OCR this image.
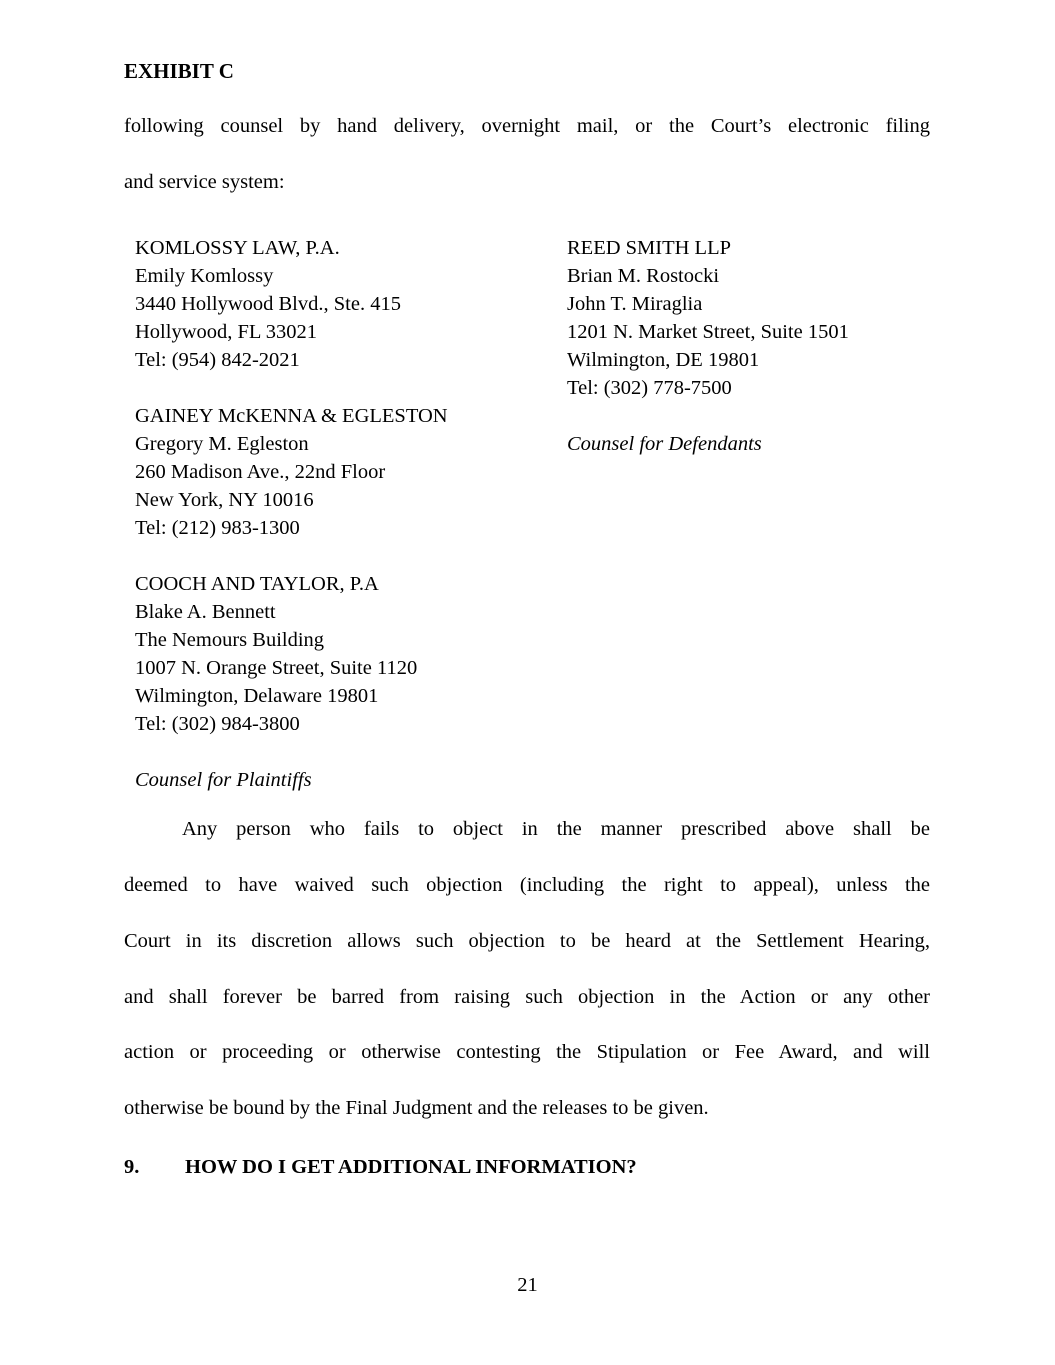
EXHIBIT C
following counsel by hand delivery, overnight mail, or the Court’s electronic filing
and service system:
KOMLOSSY LAW, P.A.
Emily Komlossy
3440 Hollywood Blvd., Ste. 415
Hollywood, FL 33021
Tel: (954) 842-2021
GAINEY McKENNA & EGLESTON
Gregory M. Egleston
260 Madison Ave., 22nd Floor
New York, NY 10016
Tel: (212) 983-1300
COOCH AND TAYLOR, P.A
Blake A. Bennett
The Nemours Building
1007 N. Orange Street, Suite 1120
Wilmington, Delaware 19801
Tel: (302) 984-3800
Counsel for Plaintiffs
REED SMITH LLP
Brian M. Rostocki
John T. Miraglia
1201 N. Market Street, Suite 1501
Wilmington, DE 19801
Tel: (302) 778-7500
Counsel for Defendants
Any person who fails to object in the manner prescribed above shall be
deemed to have waived such objection (including the right to appeal), unless the
Court in its discretion allows such objection to be heard at the Settlement Hearing,
and shall forever be barred from raising such objection in the Action or any other
action or proceeding or otherwise contesting the Stipulation or Fee Award, and will
otherwise be bound by the Final Judgment and the releases to be given.
9.	HOW DO I GET ADDITIONAL INFORMATION?
21
